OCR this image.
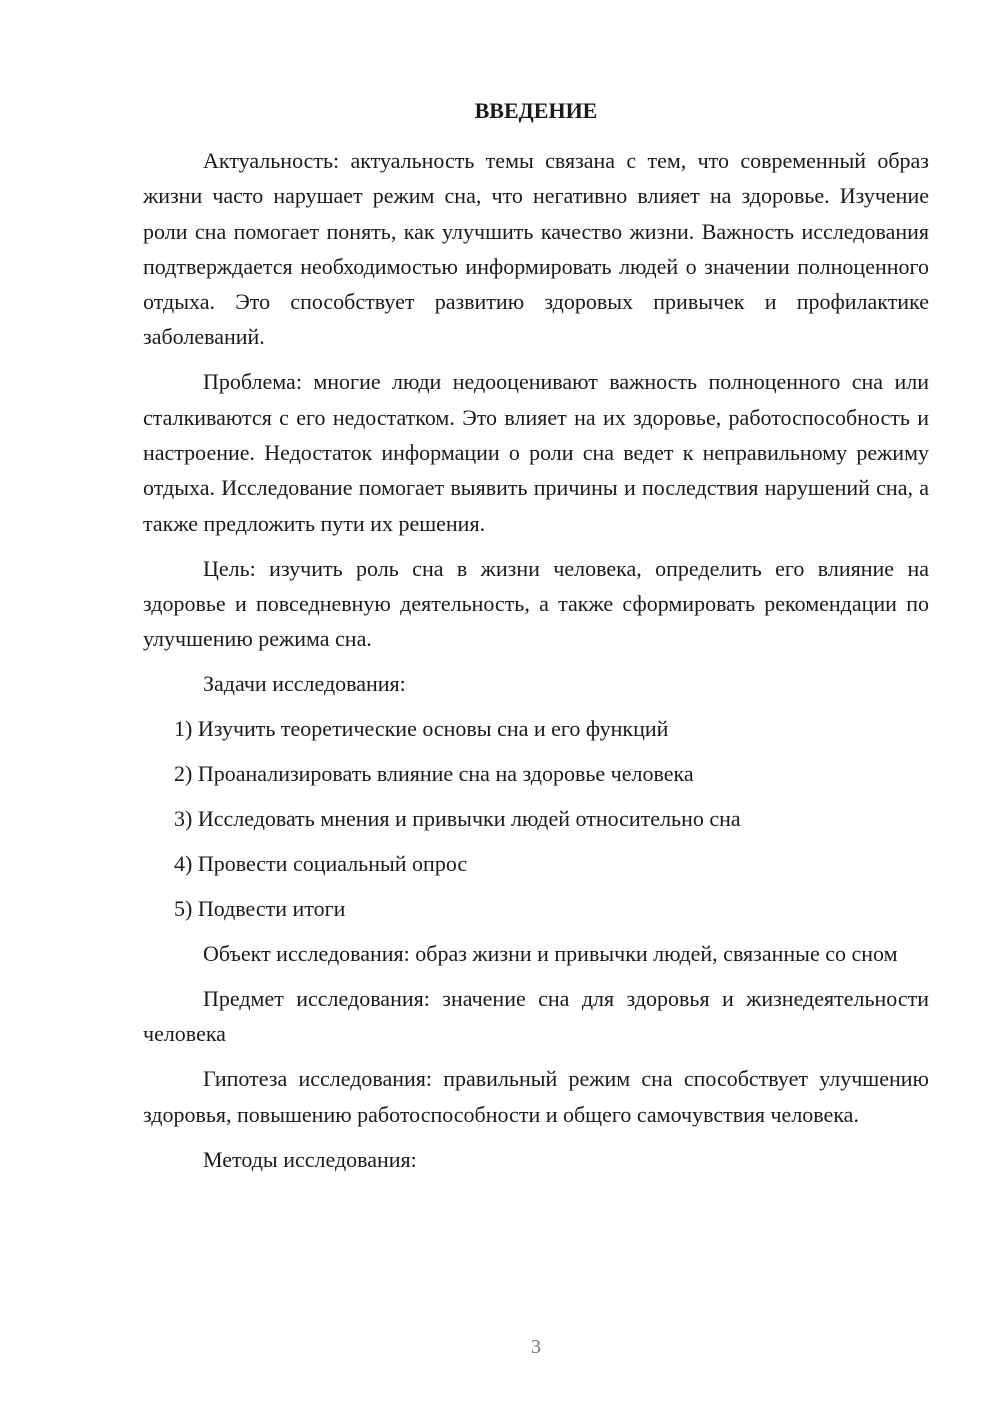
ВВЕДЕНИЕ

Актуальность: актуальность темы связана с тем, что современный образ жизни часто нарушает режим сна, что негативно влияет на здоровье. Изучение роли сна помогает понять, как улучшить качество жизни. Важность исследования подтверждается необходимостью информировать людей о значении полноценного отдыха. Это способствует развитию здоровых привычек и профилактике заболеваний.

Проблема: многие люди недооценивают важность полноценного сна или сталкиваются с его недостатком. Это влияет на их здоровье, работоспособность и настроение. Недостаток информации о роли сна ведет к неправильному режиму отдыха. Исследование помогает выявить причины и последствия нарушений сна, а также предложить пути их решения.

Цель: изучить роль сна в жизни человека, определить его влияние на здоровье и повседневную деятельность, а также сформировать рекомендации по улучшению режима сна.

Задачи исследования:

1) Изучить теоретические основы сна и его функций

2) Проанализировать влияние сна на здоровье человека

3) Исследовать мнения и привычки людей относительно сна

4) Провести социальный опрос

5) Подвести итоги

Объект исследования: образ жизни и привычки людей, связанные со сном

Предмет исследования: значение сна для здоровья и жизнедеятельности человека

Гипотеза исследования: правильный режим сна способствует улучшению здоровья, повышению работоспособности и общего самочувствия человека.

Методы исследования:

3
